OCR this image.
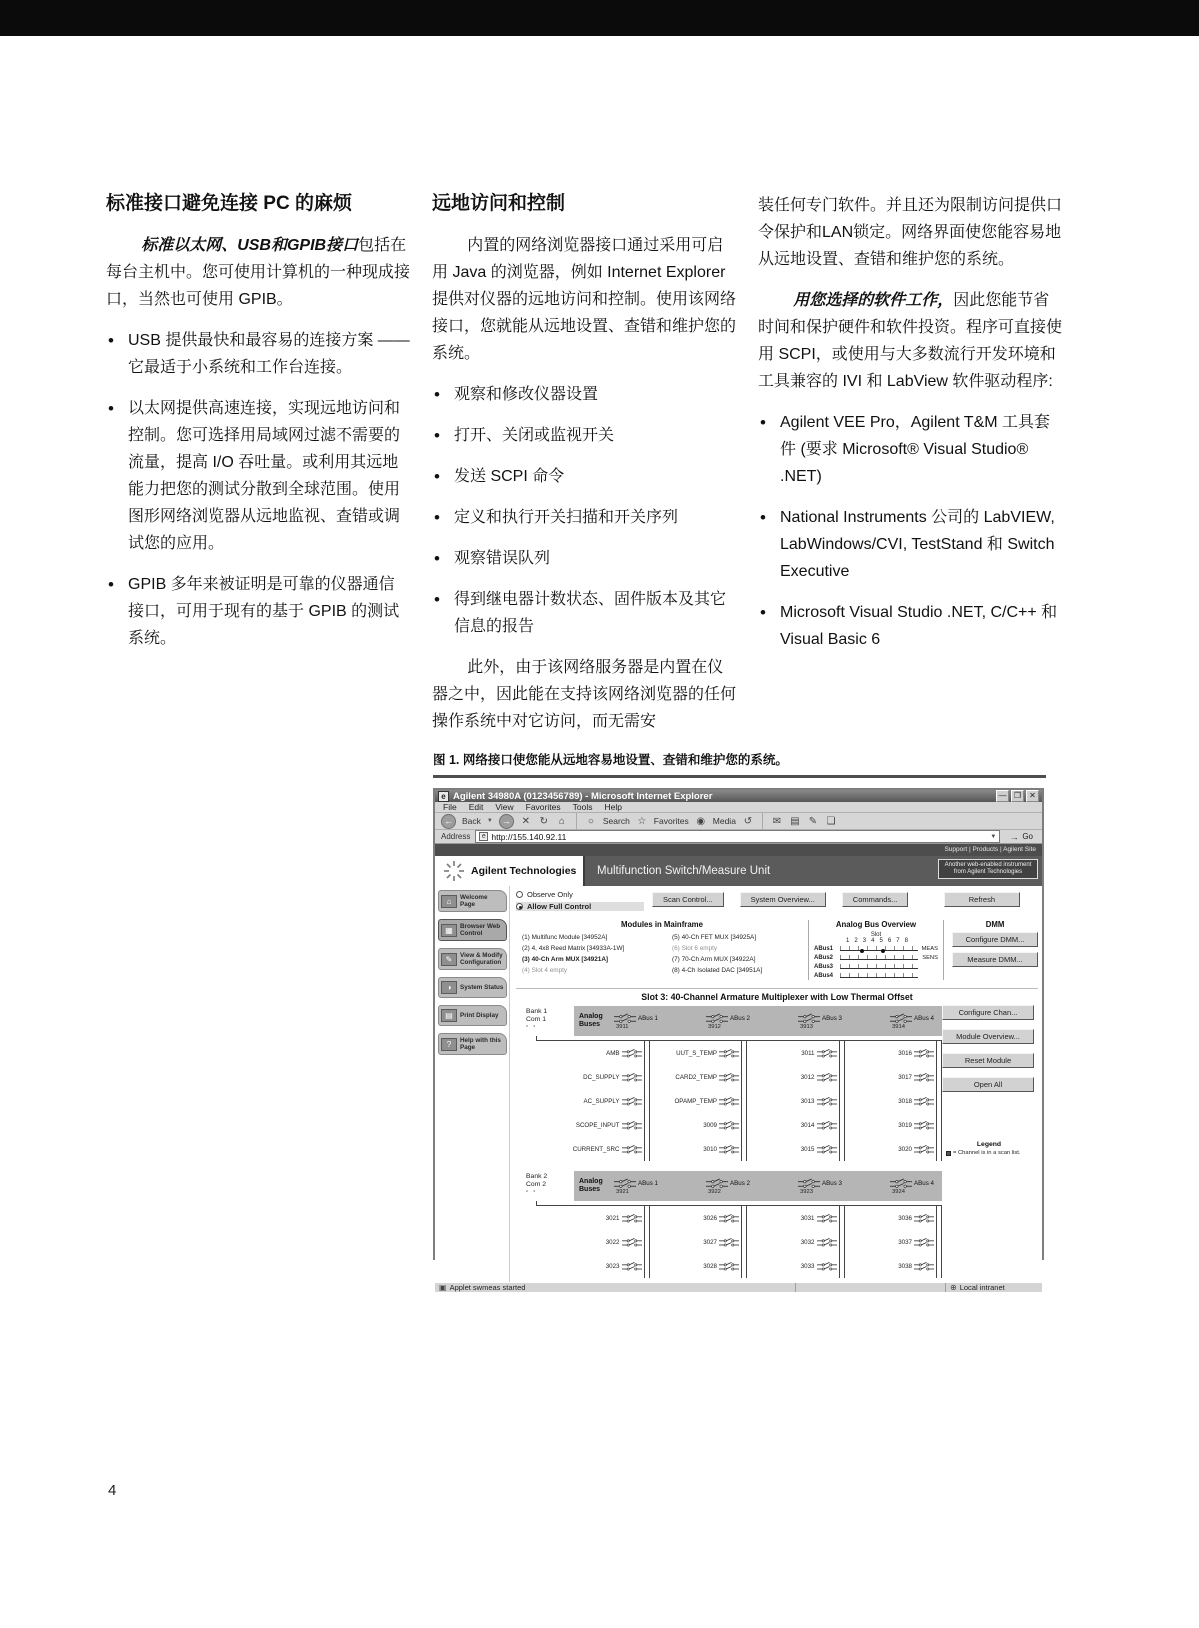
标准接口避免连接 PC 的麻烦

标准以太网、USB和GPIB接口包括在每台主机中。您可使用计算机的一种现成接口，当然也可使用 GPIB。

• USB 提供最快和最容易的连接方案 —— 它最适于小系统和工作台连接。
• 以太网提供高速连接，实现远地访问和控制。您可选择用局域网过滤不需要的流量，提高 I/O 吞吐量。或利用其远地能力把您的测试分散到全球范围。使用图形网络浏览器从远地监视、查错或调试您的应用。
• GPIB 多年来被证明是可靠的仪器通信接口，可用于现有的基于 GPIB 的测试系统。
远地访问和控制

内置的网络浏览器接口通过采用可启用 Java 的浏览器，例如 Internet Explorer 提供对仪器的远地访问和控制。使用该网络接口，您就能从远地设置、查错和维护您的系统。

• 观察和修改仪器设置
• 打开、关闭或监视开关
• 发送 SCPI 命令
• 定义和执行开关扫描和开关序列
• 观察错误队列
• 得到继电器计数状态、固件版本及其它信息的报告

此外，由于该网络服务器是内置在仪器之中，因此能在支持该网络浏览器的任何操作系统中对它访问，而无需安

装任何专门软件。并且还为限制访问提供口令保护和LAN锁定。网络界面使您能容易地从远地设置、查错和维护您的系统。

用您选择的软件工作，因此您能节省时间和保护硬件和软件投资。程序可直接使用 SCPI，或使用与大多数流行开发环境和工具兼容的 IVI 和 LabView 软件驱动程序:

• Agilent VEE Pro，Agilent T&M 工具套件 (要求 Microsoft® Visual Studio® .NET)
• National Instruments 公司的 LabVIEW, LabWindows/CVI, TestStand 和 Switch Executive
• Microsoft Visual Studio .NET, C/C++ 和 Visual Basic 6
图 1. 网络接口使您能从远地容易地设置、查错和维护您的系统。
e Agilent 34980A (0123456789) - Microsoft Internet Explorer	— ❐	✕
File Edit View Favorites Tools Help
←	Back ▼	→	✕ ↻ ⌂ ○	Search ☆ Favorites ◉ Media ↺ ✉ ▤ ✎ ❏
Address	e http://155.140.92.11	▼ → Go
Support | Products | Agilent Site
Agilent Technologies	Multifunction Switch/Measure Unit	Another web-enabled instrument from Agilent Technologies
⌂	Welcome Page
▦	Browser Web Control
✎	View & Modify Configuration
◑	System Status
▤	Print Display
?	Help with this Page
Observe Only
Allow Full Control
Scan Control...	System Overview...	Commands...	Refresh
Modules in Mainframe
(1) Multifunc Module [34952A]	(5) 40-Ch FET MUX [34925A]
(2) 4, 4x8 Reed Matrix [34933A-1W]	(6) Slot 6 empty
(3) 40-Ch Arm MUX [34921A]	(7) 70-Ch Arm MUX [34922A]
(4) Slot 4 empty	(8) 4-Ch Isolated DAC [34951A]
Analog Bus Overview
Slot
1 2 3 4 5 6 7 8
ABus1	MEAS
ABus2	SENS
ABus3
ABus4
DMM
Configure DMM...
Measure DMM...
Slot 3: 40-Channel Armature Multiplexer with Low Thermal Offset
Bank 1
Com 1
° °
Analog Buses
ABus 1
3911
ABus 2
3912
ABus 3
3913
ABus 4
3914
AMB	UUT_S_TEMP	3011	3016
DC_SUPPLY	CARD2_TEMP	3012	3017
AC_SUPPLY	OPAMP_TEMP	3013	3018
SCOPE_INPUT	3009	3014	3019
CURRENT_SRC	3010	3015	3020
Bank 2
Com 2
° °
Analog Buses
ABus 1
3921
ABus 2
3922
ABus 3
3923
ABus 4
3924
3021	3026	3031	3036
3022	3027	3032	3037
3023	3028	3033	3038
Configure Chan...
Module Overview...
Reset Module
Open All
Legend
= Channel is in a scan list.
▣ Applet swmeas started	⊕ Local intranet
4
